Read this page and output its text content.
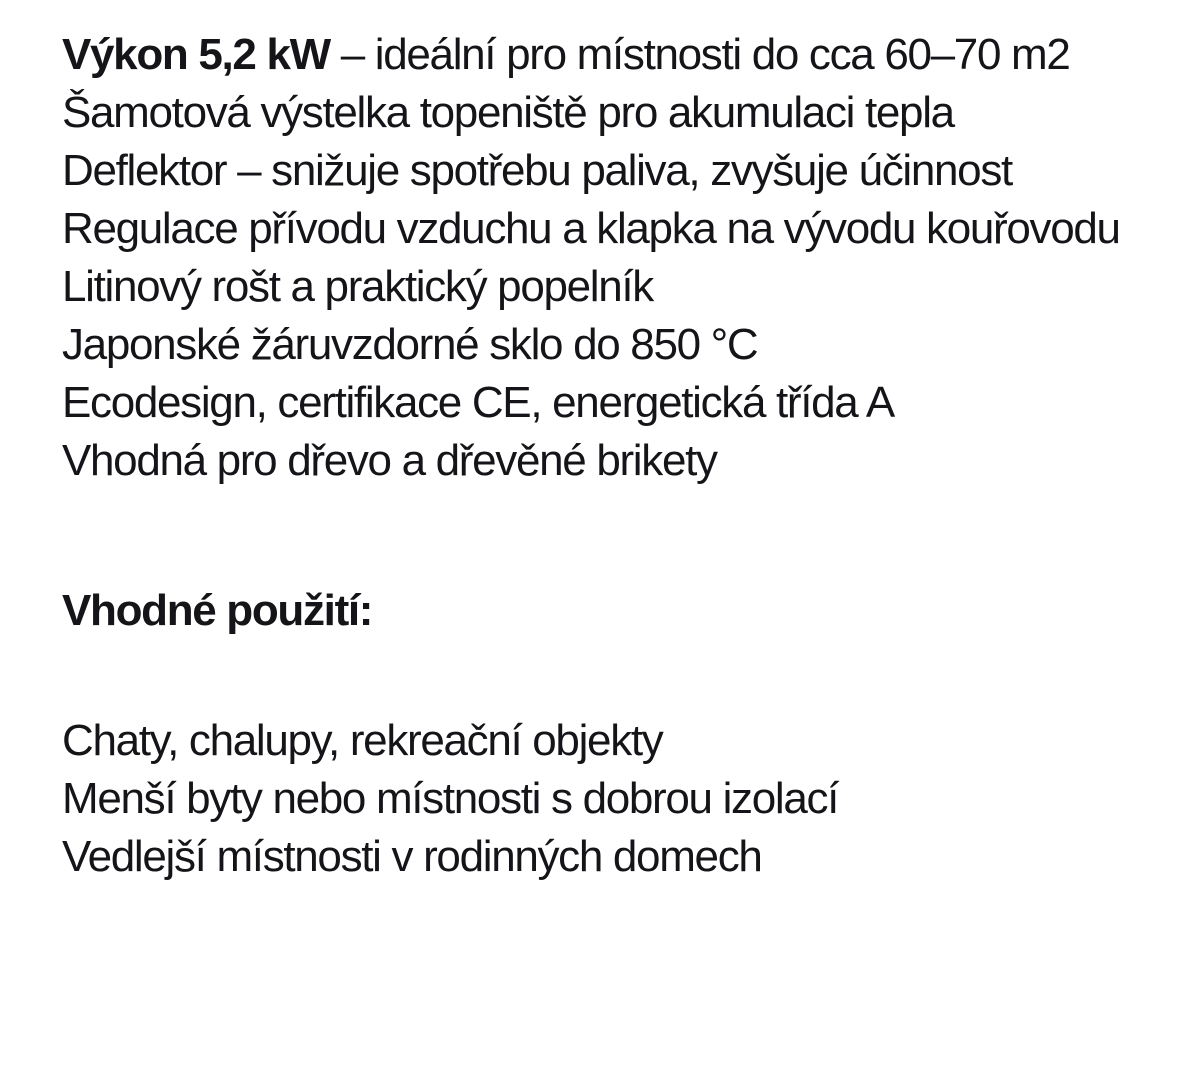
Výkon 5,2 kW – ideální pro místnosti do cca 60–70 m2
Šamotová výstelka topeniště pro akumulaci tepla
Deflektor – snižuje spotřebu paliva, zvyšuje účinnost
Regulace přívodu vzduchu a klapka na vývodu kouřovodu
Litinový rošt a praktický popelník
Japonské žáruvzdorné sklo do 850 °C
Ecodesign, certifikace CE, energetická třída A
Vhodná pro dřevo a dřevěné brikety
Vhodné použití:
Chaty, chalupy, rekreační objekty
Menší byty nebo místnosti s dobrou izolací
Vedlejší místnosti v rodinných domech
